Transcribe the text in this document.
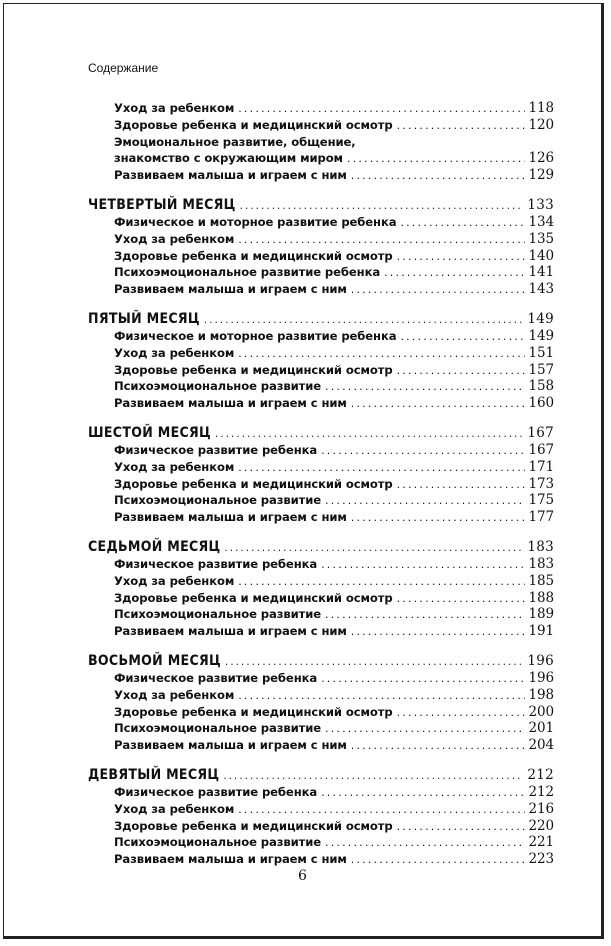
Содержание
Уход за ребенком .....	118
Здоровье ребенка и медицинский осмотр .....	120
Эмоциональное развитие, общение,
знакомство с окружающим миром .....	126
Развиваем малыша и играем с ним .....	129
ЧЕТВЕРТЫЙ МЕСЯЦ .....	133
Физическое и моторное развитие ребенка .....	134
Уход за ребенком .....	135
Здоровье ребенка и медицинский осмотр .....	140
Психоэмоциональное развитие ребенка .....	141
Развиваем малыша и играем с ним .....	143
ПЯТЫЙ МЕСЯЦ .....	149
Физическое и моторное развитие ребенка .....	149
Уход за ребенком .....	151
Здоровье ребенка и медицинский осмотр .....	157
Психоэмоциональное развитие .....	158
Развиваем малыша и играем с ним .....	160
ШЕСТОЙ МЕСЯЦ .....	167
Физическое развитие ребенка .....	167
Уход за ребенком .....	171
Здоровье ребенка и медицинский осмотр .....	173
Психоэмоциональное развитие .....	175
Развиваем малыша и играем с ним .....	177
СЕДЬМОЙ МЕСЯЦ .....	183
Физическое развитие ребенка .....	183
Уход за ребенком .....	185
Здоровье ребенка и медицинский осмотр .....	188
Психоэмоциональное развитие .....	189
Развиваем малыша и играем с ним .....	191
ВОСЬМОЙ МЕСЯЦ .....	196
Физическое развитие ребенка .....	196
Уход за ребенком .....	198
Здоровье ребенка и медицинский осмотр .....	200
Психоэмоциональное развитие .....	201
Развиваем малыша и играем с ним .....	204
ДЕВЯТЫЙ МЕСЯЦ .....	212
Физическое развитие ребенка .....	212
Уход за ребенком .....	216
Здоровье ребенка и медицинский осмотр .....	220
Психоэмоциональное развитие .....	221
Развиваем малыша и играем с ним .....	223
6
